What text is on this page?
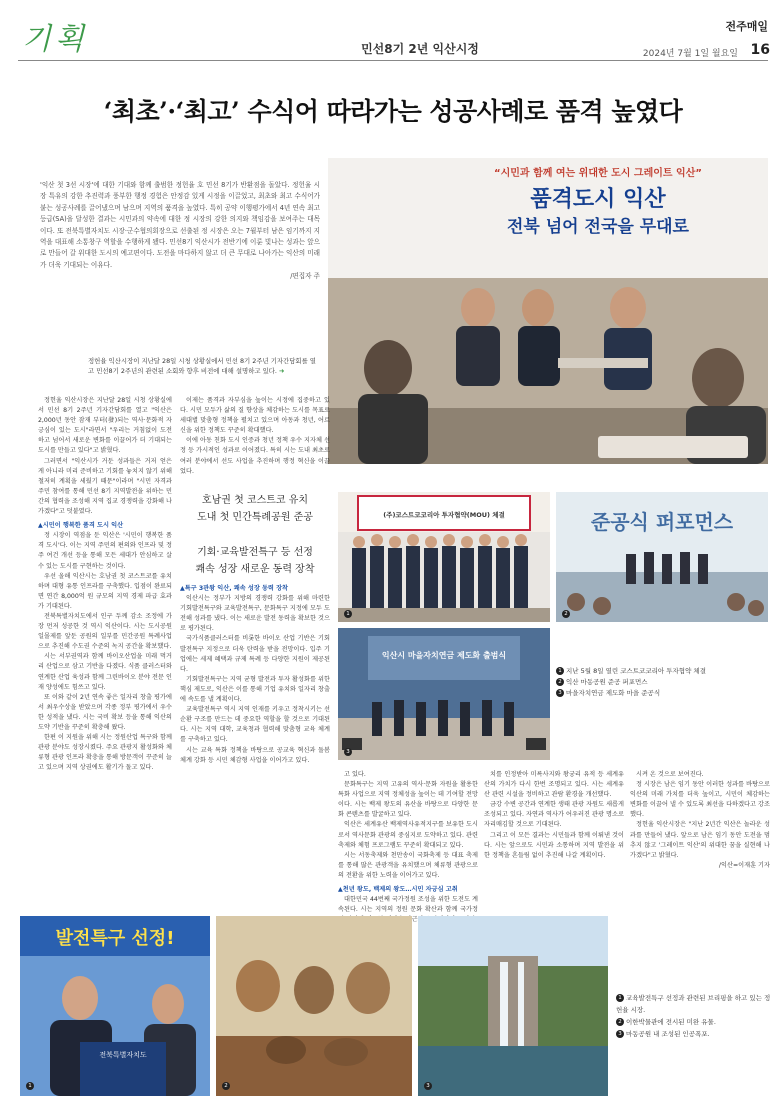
기획	민선8기 2년 익산시정
전주매일
2024년 7월 1일 월요일 16
‘최초’·‘최고’ 수식어 따라가는 성공사례로 품격 높였다
'익산 첫 3선 시장'에 대한 기대와 함께 출범한 정헌율 호 민선 8기가 반환점을 돌았다. 정헌율 시장 특유의 강한 추진력과 풍부한 행정 경험은 안정감 있게 시정을 이끌었고, 최초와 최고 수식어가 붙는 성공사례를 끌어냈으며 남으며 지역의 품격을 높였다. 특히 공약 이행평가에서 4년 연속 최고등급(SA)을 달성한 결과는 시민과의 약속에 대한 정 시장의 강한 의지와 책임감을 보여주는 대목이다. 또 전북특별자치도 시장·군수협의회장으로 선출된 정 시장은 오는 7월부터 남은 임기까지 지역을 대표해 소통창구 역할을 수행하게 됐다. 민선8기 익산시가 전반기에 이룬 빛나는 성과는 앞으로 만들어 갈 위대한 도시의 예고편이다. 도전을 마다하지 않고 더 큰 무대로 나아가는 익산의 미래가 더욱 기대되는 이유다.
/편집자 주
“시민과 함께 여는 위대한 도시 그레이트 익산”
품격도시 익산
전북 넘어 전국을 무대로
정헌율 익산시장이 지난달 28일 시청 상황실에서 민선 8기 2주년 기자간담회를 열고 민선8기 2주년의 관련된 소회와 향후 비전에 대해 설명하고 있다. ➜

정헌율 익산시장은 지난달 28일 시청 상황실에서 민선 8기 2주년 기자간담회를 열고 "익산은 2,000년 동안 잠재 부터(發)되는 역사·문화적 자긍심이 있는 도시"라면서 "우리는 거침없이 도전하고 넘어서 새로운 변화를 이끌어가 더 기대되는 도시를 만들고 있다"고 밝혔다.

그러면서 "익산시가 거둔 성과들은 거저 얻은 게 아니라 미리 준비하고 기회를 놓치지 않기 위해 철저히 계획을 세웠기 때문"이라며 "시민 자격과 주민 참여를 통해 민선 8기 지역발전을 위하는 민간의 협력을 조성해 지역 집교 경쟁력을 강화해 나가겠다"고 덧붙였다.

▲시민이 행복한 품격 도시 익산

정 시장이 역점을 둔 익산은 '시민이 행복한 품격 도시'다. 이는 지역 주민의 편의와 인프라 및 정주 여건 개선 등을 통해 모든 세대가 안심하고 살 수 있는 도시를 구현하는 것이다.

우선 올해 익산시는 호남권 첫 코스트코를 유치하며 대형 유통 인프라를 구축했다. 입점이 완료되면 연간 8,000억 원 규모의 지역 경제 파급 효과가 기대된다.

전북특별자치도에서 인구 두께 감소 조정에 가장 먼저 성공한 것 역시 익산이다. 시는 도시공원 일몰제를 앞둔 공원의 일부를 민간공원 특례사업으로 추진해 수도권 수준의 녹지 공간을 확보했다.

시는 서부권역과 함께 바이오산업을 미래 먹거리 산업으로 삼고 기반을 다졌다. 식품 클러스터와 연계한 산업 육성과 함께 그린바이오 분야 전문 인재 양성에도 힘쓰고 있다.

또 이와 같이 2년 연속 좋은 일자리 창출 평가에서 최우수상을 받았으며 각종 정부 평가에서 우수한 성적을 냈다. 시는 국비 확보 등을 통해 익산의 도약 기반을 꾸준히 확충해 왔다.

한편 이 지원을 위해 시는 정원산업 특구와 함께 관광 분야도 성장시켰다. 주요 관광지 활성화와 체류형 관광 인프라 확충을 통해 방문객이 꾸준히 늘고 있으며 지역 상권에도 활기가 돌고 있다.

이제는 품격과 자부심을 높이는 시정에 집중하고 있다. 시민 모두가 삶의 질 향상을 체감하는 도시를 목표로 세대별 맞춤형 정책을 펼치고 있으며 아동과 청년, 어르신을 위한 정책도 꾸준히 확대했다.

이에 아동 친화 도시 인증과 청년 정책 우수 지자체 선정 등 가시적인 성과로 이어졌다. 특히 시는 도내 최초로 여러 분야에서 선도 사업을 추진하며 행정 혁신을 이끌었다.

호남권 첫 코스트코 유치
도내 첫 민간특례공원 준공
기회·교육발전특구 등 선정
쾌속 성장 새로운 동력 장착
▲특구 3관왕 익산, 쾌속 성장 동력 장착

익산시는 정부가 지방의 경쟁력 강화를 위해 마련한 기회발전특구와 교육발전특구, 문화특구 지정에 모두 도전해 성과를 냈다. 이는 새로운 발전 동력을 확보한 것으로 평가된다.

국가식품클러스터를 비롯한 바이오 산업 기반은 기회발전특구 지정으로 더욱 탄력을 받을 전망이다. 입주 기업에는 세제 혜택과 규제 특례 등 다양한 지원이 제공된다.

기회발전특구는 지역 균형 발전과 투자 활성화를 위한 핵심 제도로, 익산은 이를 통해 기업 유치와 일자리 창출에 속도를 낼 계획이다.

교육발전특구 역시 지역 인재를 키우고 정착시키는 선순환 구조를 만드는 데 중요한 역할을 할 것으로 기대된다. 시는 지역 대학, 교육청과 협력해 맞춤형 교육 체계를 구축하고 있다.

시는 교육 특화 정책을 바탕으로 공교육 혁신과 돌봄 체계 강화 등 시민 체감형 사업을 이어가고 있다.

(주)코스트코코리아 투자협약(MOU) 체결
1
준공식 퍼포먼스
2
익산시 마을자치연금 제도화 출범식
3
1 지난 5월 8일 열린 코스트코코리아 투자협약 체결
2 익산 마동공원 준공 퍼포먼스
3 마을자치연금 제도화 마을 준공식

고 있다.

문화특구는 지역 고유의 역사·문화 자원을 활용한 특화 사업으로 지역 정체성을 높이는 데 기여할 전망이다. 시는 백제 왕도의 유산을 바탕으로 다양한 문화 콘텐츠를 발굴하고 있다.

익산은 세계유산 백제역사유적지구를 보유한 도시로서 역사문화 관광의 중심지로 도약하고 있다. 관련 축제와 체험 프로그램도 꾸준히 확대되고 있다.

시는 서동축제와 천만송이 국화축제 등 대표 축제를 통해 많은 관광객을 유치했으며 체류형 관광으로의 전환을 위한 노력을 이어가고 있다.

▲천년 왕도, 백제의 왕도…시민 자긍심 고취

대한민국 44번째 국가정원 조성을 위한 도전도 계속된다. 시는 지역의 정원 문화 확산과 함께 국가정

치를 인정받아 미륵사지와 왕궁리 유적 등 세계유산의 가치가 다시 한번 조명되고 있다. 시는 세계유산 관련 시설을 정비하고 관람 환경을 개선했다.

금강 수변 공간과 연계한 생태 관광 자원도 새롭게 조성되고 있다. 자연과 역사가 어우러진 관광 명소로 자리매김할 것으로 기대된다.

그리고 이 모든 결과는 시민들과 함께 이뤄낸 것이다. 시는 앞으로도 시민과 소통하며 지역 발전을 위한 정책을 흔들림 없이 추진해 나갈 계획이다.

시켜 온 것으로 보여진다.

정 시장은 남은 임기 동안 이러한 성과를 바탕으로 익산의 미래 가치를 더욱 높이고, 시민이 체감하는 변화를 이끌어 낼 수 있도록 최선을 다하겠다고 강조했다.

정헌율 익산시장은 "지난 2년간 익산은 놀라운 성과를 만들어 냈다. 앞으로 남은 임기 동안 도전을 멈추지 않고 '그레이트 익산'의 위대한 꿈을 실현해 나가겠다"고 밝혔다.

/익산=이재훈 기자
발전특구 선정!
전북특별자치도
1	2	3
1 교육발전특구 선정과 관련된 브리핑을 하고 있는 정헌율 시장.
2 이한박물관에 전시된 미완 유물.
3 마동공원 내 조성된 인공폭포.
